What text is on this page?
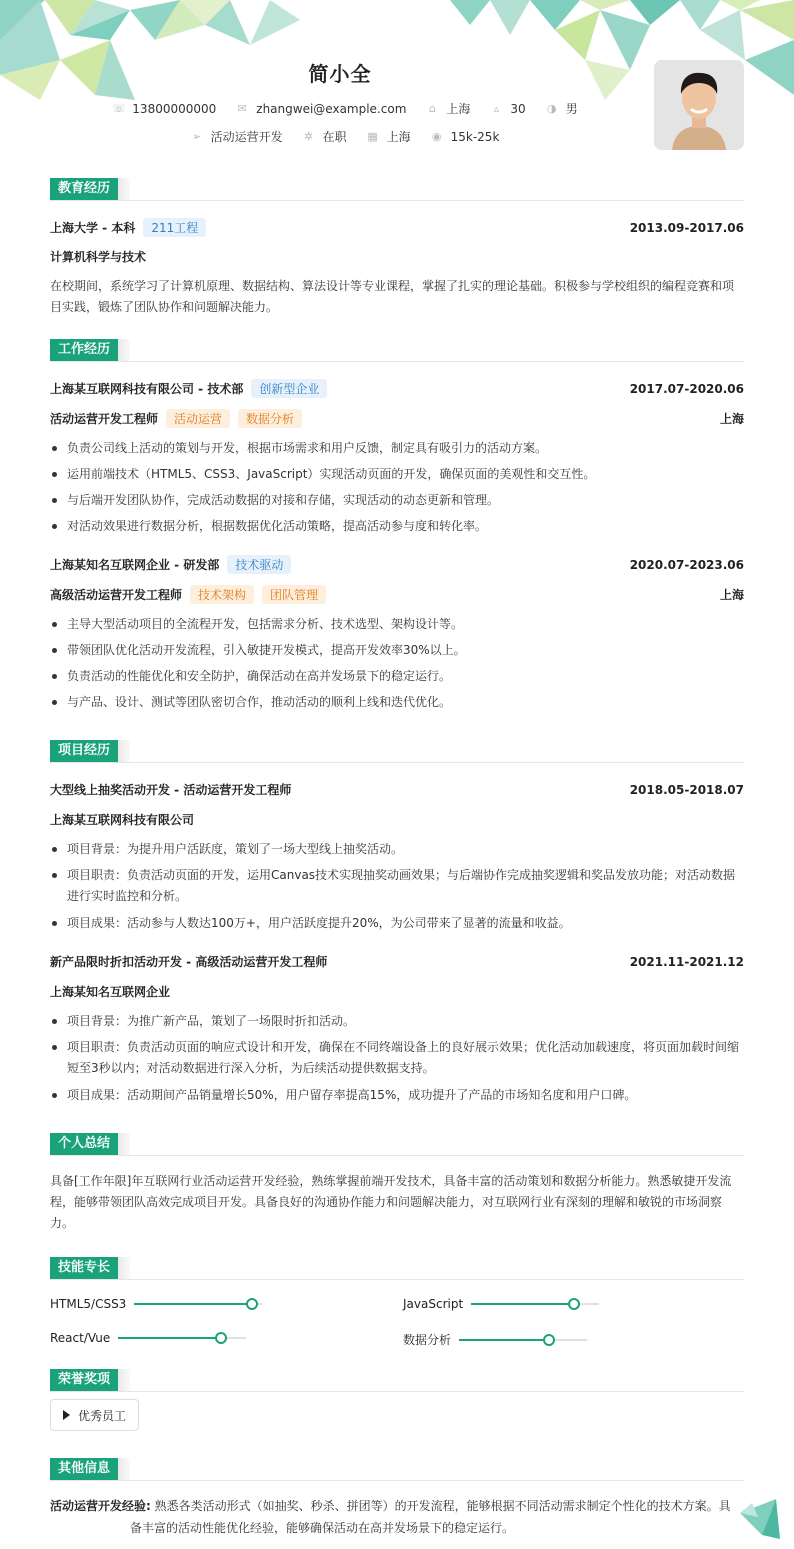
简小全
☏ 13800000000 ✉ zhangwei@example.com ⌂ 上海 ▵ 30 ◑ 男
➢ 活动运营开发 ✲ 在职 ▦ 上海 ◉ 15k-25k
教育经历
上海大学 - 本科 211工程	2013.09-2017.06
计算机科学与技术
在校期间，系统学习了计算机原理、数据结构、算法设计等专业课程，掌握了扎实的理论基础。积极参与学校组织的编程竞赛和项目实践，锻炼了团队协作和问题解决能力。
工作经历
上海某互联网科技有限公司 - 技术部 创新型企业	2017.07-2020.06
活动运营开发工程师 活动运营 数据分析	上海
负责公司线上活动的策划与开发，根据市场需求和用户反馈，制定具有吸引力的活动方案。
运用前端技术（HTML5、CSS3、JavaScript）实现活动页面的开发，确保页面的美观性和交互性。
与后端开发团队协作，完成活动数据的对接和存储，实现活动的动态更新和管理。
对活动效果进行数据分析，根据数据优化活动策略，提高活动参与度和转化率。
上海某知名互联网企业 - 研发部 技术驱动	2020.07-2023.06
高级活动运营开发工程师 技术架构 团队管理	上海
主导大型活动项目的全流程开发，包括需求分析、技术选型、架构设计等。
带领团队优化活动开发流程，引入敏捷开发模式，提高开发效率30%以上。
负责活动的性能优化和安全防护，确保活动在高并发场景下的稳定运行。
与产品、设计、测试等团队密切合作，推动活动的顺利上线和迭代优化。
项目经历
大型线上抽奖活动开发 - 活动运营开发工程师	2018.05-2018.07
上海某互联网科技有限公司
项目背景：为提升用户活跃度，策划了一场大型线上抽奖活动。
项目职责：负责活动页面的开发，运用Canvas技术实现抽奖动画效果；与后端协作完成抽奖逻辑和奖品发放功能；对活动数据进行实时监控和分析。
项目成果：活动参与人数达100万+，用户活跃度提升20%，为公司带来了显著的流量和收益。
新产品限时折扣活动开发 - 高级活动运营开发工程师	2021.11-2021.12
上海某知名互联网企业
项目背景：为推广新产品，策划了一场限时折扣活动。
项目职责：负责活动页面的响应式设计和开发，确保在不同终端设备上的良好展示效果；优化活动加载速度，将页面加载时间缩短至3秒以内；对活动数据进行深入分析，为后续活动提供数据支持。
项目成果：活动期间产品销量增长50%，用户留存率提高15%，成功提升了产品的市场知名度和用户口碑。
个人总结
具备[工作年限]年互联网行业活动运营开发经验，熟练掌握前端开发技术，具备丰富的活动策划和数据分析能力。熟悉敏捷开发流程，能够带领团队高效完成项目开发。具备良好的沟通协作能力和问题解决能力，对互联网行业有深刻的理解和敏锐的市场洞察力。
技能专长
HTML5/CSS3	JavaScript
React/Vue	数据分析
荣誉奖项
优秀员工
其他信息
活动运营开发经验: 熟悉各类活动形式（如抽奖、秒杀、拼团等）的开发流程，能够根据不同活动需求制定个性化的技术方案。具
备丰富的活动性能优化经验，能够确保活动在高并发场景下的稳定运行。
